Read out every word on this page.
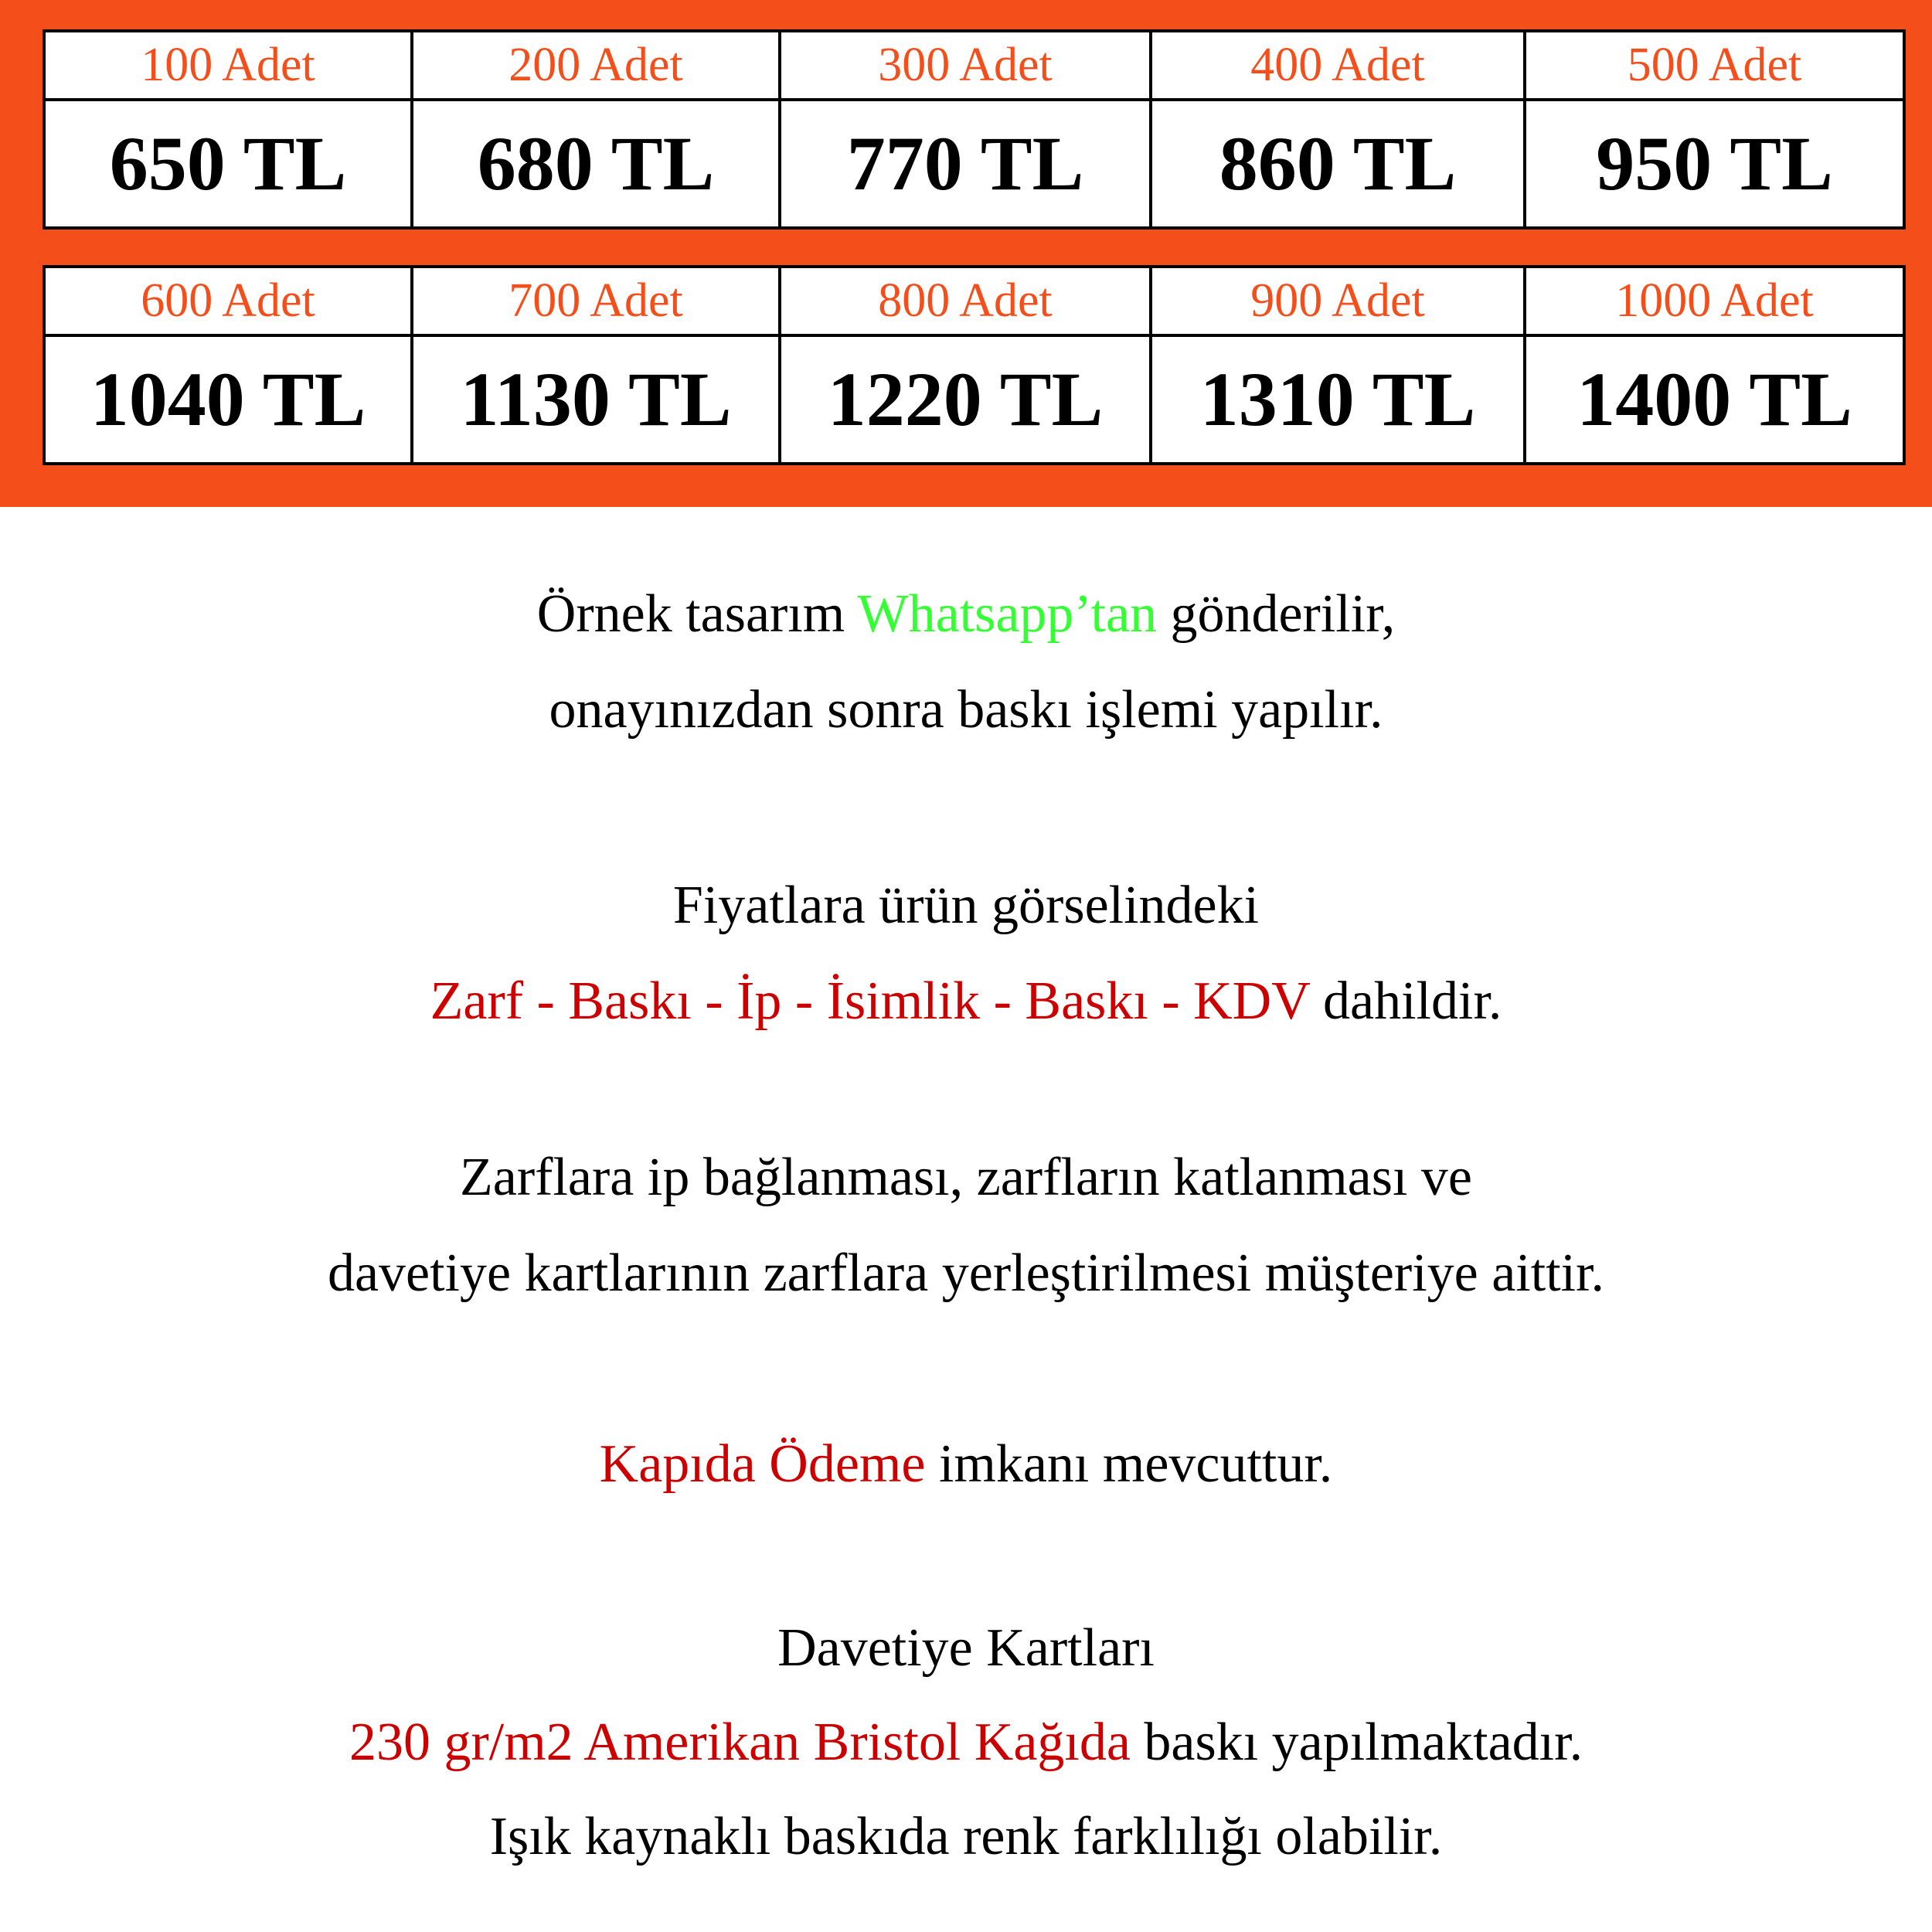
100 Adet	200 Adet	300 Adet	400 Adet	500 Adet
650 TL	680 TL	770 TL	860 TL	950 TL
600 Adet	700 Adet	800 Adet	900 Adet	1000 Adet
1040 TL	1130 TL	1220 TL	1310 TL	1400 TL
Örnek tasarım Whatsapp’tan gönderilir,
onayınızdan sonra baskı işlemi yapılır.
Fiyatlara ürün görselindeki
Zarf - Baskı - İp - İsimlik - Baskı - KDV dahildir.
Zarflara ip bağlanması, zarfların katlanması ve
davetiye kartlarının zarflara yerleştirilmesi müşteriye aittir.
Kapıda Ödeme imkanı mevcuttur.
Davetiye Kartları
230 gr/m2 Amerikan Bristol Kağıda baskı yapılmaktadır.
Işık kaynaklı baskıda renk farklılığı olabilir.
